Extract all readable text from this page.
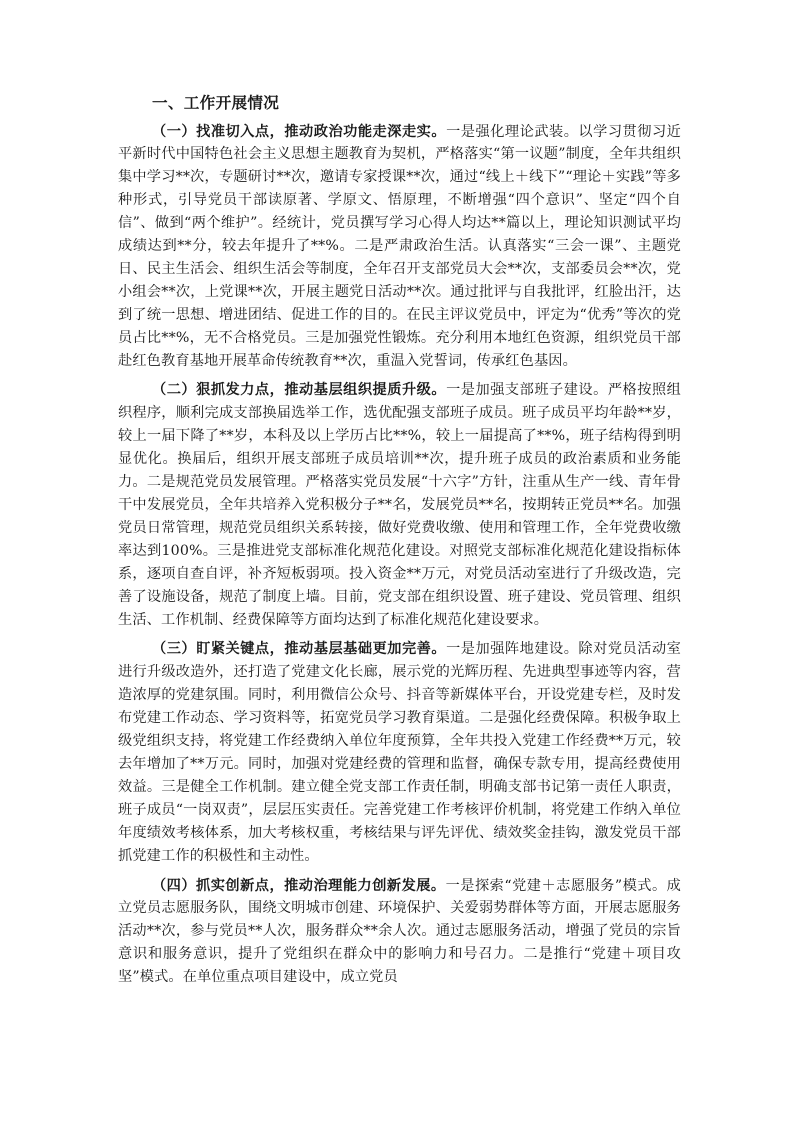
一、工作开展情况

（一）找准切入点，推动政治功能走深走实。一是强化理论武装。以学习贯彻习近平新时代中国特色社会主义思想主题教育为契机，严格落实“第一议题”制度，全年共组织集中学习**次，专题研讨**次，邀请专家授课**次，通过“线上＋线下”“理论＋实践”等多种形式，引导党员干部读原著、学原文、悟原理，不断增强“四个意识”、坚定“四个自信”、做到“两个维护”。经统计，党员撰写学习心得人均达**篇以上，理论知识测试平均成绩达到**分，较去年提升了**%。二是严肃政治生活。认真落实“三会一课”、主题党日、民主生活会、组织生活会等制度，全年召开支部党员大会**次，支部委员会**次，党小组会**次，上党课**次，开展主题党日活动**次。通过批评与自我批评，红脸出汗，达到了统一思想、增进团结、促进工作的目的。在民主评议党员中，评定为“优秀”等次的党员占比**%，无不合格党员。三是加强党性锻炼。充分利用本地红色资源，组织党员干部赴红色教育基地开展革命传统教育**次，重温入党誓词，传承红色基因。

（二）狠抓发力点，推动基层组织提质升级。一是加强支部班子建设。严格按照组织程序，顺利完成支部换届选举工作，选优配强支部班子成员。班子成员平均年龄**岁，较上一届下降了**岁，本科及以上学历占比**%，较上一届提高了**%，班子结构得到明显优化。换届后，组织开展支部班子成员培训**次，提升班子成员的政治素质和业务能力。二是规范党员发展管理。严格落实党员发展“十六字”方针，注重从生产一线、青年骨干中发展党员，全年共培养入党积极分子**名，发展党员**名，按期转正党员**名。加强党员日常管理，规范党员组织关系转接，做好党费收缴、使用和管理工作，全年党费收缴率达到100%。三是推进党支部标准化规范化建设。对照党支部标准化规范化建设指标体系，逐项自查自评，补齐短板弱项。投入资金**万元，对党员活动室进行了升级改造，完善了设施设备，规范了制度上墙。目前，党支部在组织设置、班子建设、党员管理、组织生活、工作机制、经费保障等方面均达到了标准化规范化建设要求。

（三）盯紧关键点，推动基层基础更加完善。一是加强阵地建设。除对党员活动室进行升级改造外，还打造了党建文化长廊，展示党的光辉历程、先进典型事迹等内容，营造浓厚的党建氛围。同时，利用微信公众号、抖音等新媒体平台，开设党建专栏，及时发布党建工作动态、学习资料等，拓宽党员学习教育渠道。二是强化经费保障。积极争取上级党组织支持，将党建工作经费纳入单位年度预算，全年共投入党建工作经费**万元，较去年增加了**万元。同时，加强对党建经费的管理和监督，确保专款专用，提高经费使用效益。三是健全工作机制。建立健全党支部工作责任制，明确支部书记第一责任人职责，班子成员“一岗双责”，层层压实责任。完善党建工作考核评价机制，将党建工作纳入单位年度绩效考核体系，加大考核权重，考核结果与评先评优、绩效奖金挂钩，激发党员干部抓党建工作的积极性和主动性。

（四）抓实创新点，推动治理能力创新发展。一是探索“党建＋志愿服务”模式。成立党员志愿服务队，围绕文明城市创建、环境保护、关爱弱势群体等方面，开展志愿服务活动**次，参与党员**人次，服务群众**余人次。通过志愿服务活动，增强了党员的宗旨意识和服务意识，提升了党组织在群众中的影响力和号召力。二是推行“党建＋项目攻坚”模式。在单位重点项目建设中，成立党员
